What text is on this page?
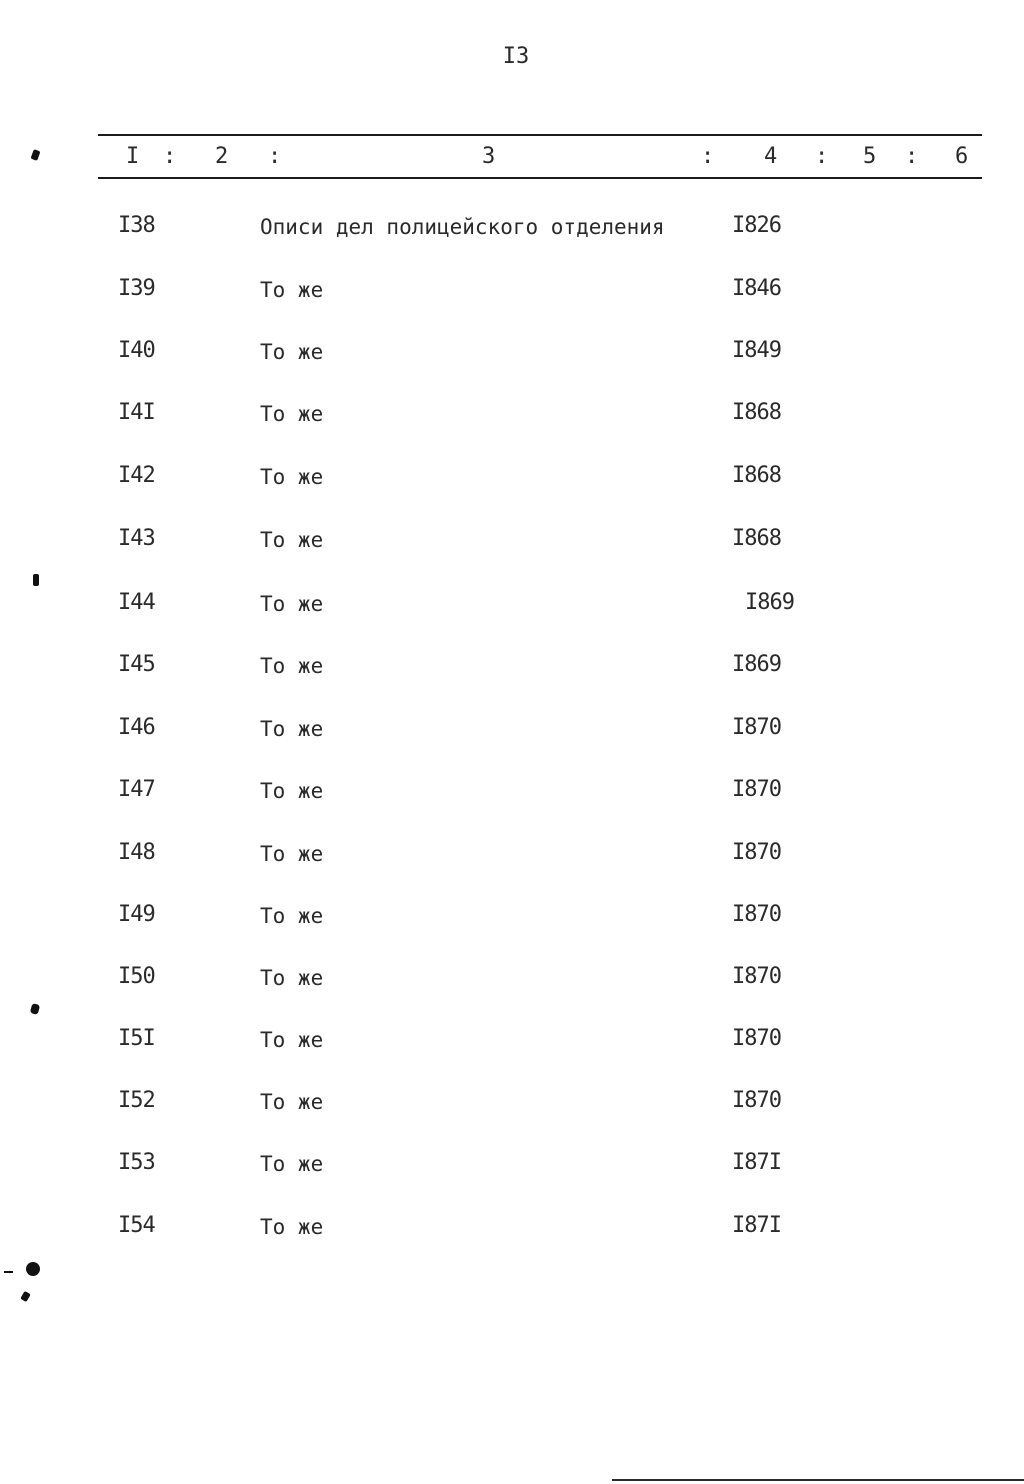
I3
I : 2 :	3	: 4 : 5 : 6
I38	Описи дел полицейского отделения	I826
I39	То же	I846
I40	То же	I849
I4I	То же	I868
I42	То же	I868
I43	То же	I868
I44	То же	I869
I45	То же	I869
I46	То же	I870
I47	То же	I870
I48	То же	I870
I49	То же	I870
I50	То же	I870
I5I	То же	I870
I52	То же	I870
I53	То же	I87I
I54	То же	I87I
